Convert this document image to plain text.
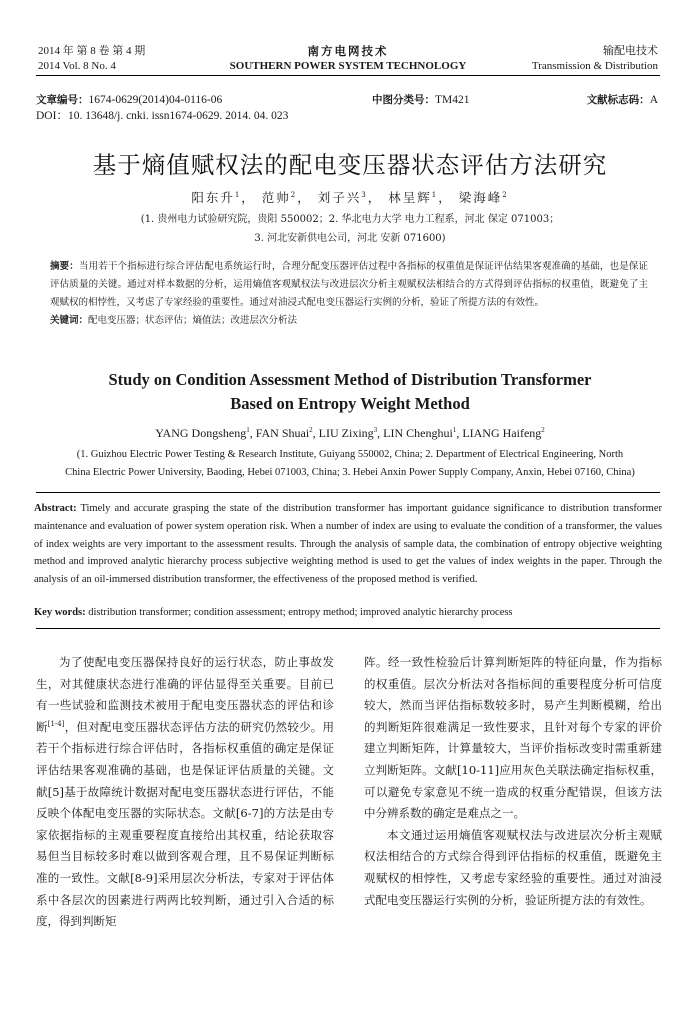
2014 年 第 8 卷 第 4 期
2014 Vol. 8 No. 4
南方电网技术
SOUTHERN POWER SYSTEM TECHNOLOGY
输配电技术
Transmission & Distribution
文章编号：1674-0629(2014)04-0116-06	中图分类号：TM421	文献标志码：A
DOI：10. 13648/j. cnki. issn1674-0629. 2014. 04. 023
基于熵值赋权法的配电变压器状态评估方法研究
阳东升$^1$， 范帅$^2$， 刘子兴$^3$， 林呈辉$^1$， 梁海峰$^2$
(1. 贵州电力试验研究院，贵阳 550002；2. 华北电力大学 电力工程系，河北 保定 071003；
3. 河北安新供电公司，河北 安新 071600)
摘要：当用若干个指标进行综合评估配电系统运行时，合理分配变压器评估过程中各指标的权重值是保证评估结果客观准确的基础，也是保证评估质量的关键。通过对样本数据的分析，运用熵值客观赋权法与改进层次分析主观赋权法相结合的方式得到评估指标的权重值，既避免了主观赋权的相悖性，又考虑了专家经验的重要性。通过对油浸式配电变压器运行实例的分析，验证了所提方法的有效性。
关键词：配电变压器；状态评估；熵值法；改进层次分析法
Study on Condition Assessment Method of Distribution Transformer
Based on Entropy Weight Method
YANG Dongsheng$^1$, FAN Shuai$^2$, LIU Zixing$^3$, LIN Chenghui$^1$, LIANG Haifeng$^2$
(1. Guizhou Electric Power Testing & Research Institute, Guiyang 550002, China; 2. Department of Electrical Engineering, North
China Electric Power University, Baoding, Hebei 071003, China; 3. Hebei Anxin Power Supply Company, Anxin, Hebei 07160, China)
Abstract: Timely and accurate grasping the state of the distribution transformer has important guidance significance to distribution transformer maintenance and evaluation of power system operation risk. When a number of index are using to evaluate the condition of a transformer, the values of index weights are very important to the assessment results. Through the analysis of sample data, the combination of entropy objective weighting method and improved analytic hierarchy process subjective weighting method is used to get the values of index weights in the paper. Through the analysis of an oil-immersed distribution transformer, the effectiveness of the proposed method is verified.
Key words: distribution transformer; condition assessment; entropy method; improved analytic hierarchy process

为了使配电变压器保持良好的运行状态，防止事故发生，对其健康状态进行准确的评估显得至关重要。目前已有一些试验和监测技术被用于配电变压器状态的评估和诊断[1-4]，但对配电变压器状态评估方法的研究仍然较少。用若干个指标进行综合评估时，各指标权重值的确定是保证评估结果客观准确的基础，也是保证评估质量的关键。文献[5]基于故障统计数据对配电变压器状态进行评估，不能反映个体配电变压器的实际状态。文献[6-7]的方法是由专家依据指标的主观重要程度直接给出其权重，结论获取容易但当目标较多时难以做到客观合理，且不易保证判断标准的一致性。文献[8-9]采用层次分析法，专家对于评估体系中各层次的因素进行两两比较判断，通过引入合适的标度，得到判断矩

阵。经一致性检验后计算判断矩阵的特征向量，作为指标的权重值。层次分析法对各指标间的重要程度分析可信度较大，然而当评估指标数较多时，易产生判断模糊，给出的判断矩阵很难满足一致性要求，且针对每个专家的评价建立判断矩阵，计算量较大，当评价指标改变时需重新建立判断矩阵。文献[10-11]应用灰色关联法确定指标权重，可以避免专家意见不统一造成的权重分配错误，但该方法中分辨系数的确定是难点之一。

本文通过运用熵值客观赋权法与改进层次分析主观赋权法相结合的方式综合得到评估指标的权重值，既避免主观赋权的相悖性，又考虑专家经验的重要性。通过对油浸式配电变压器运行实例的分析，验证所提方法的有效性。
